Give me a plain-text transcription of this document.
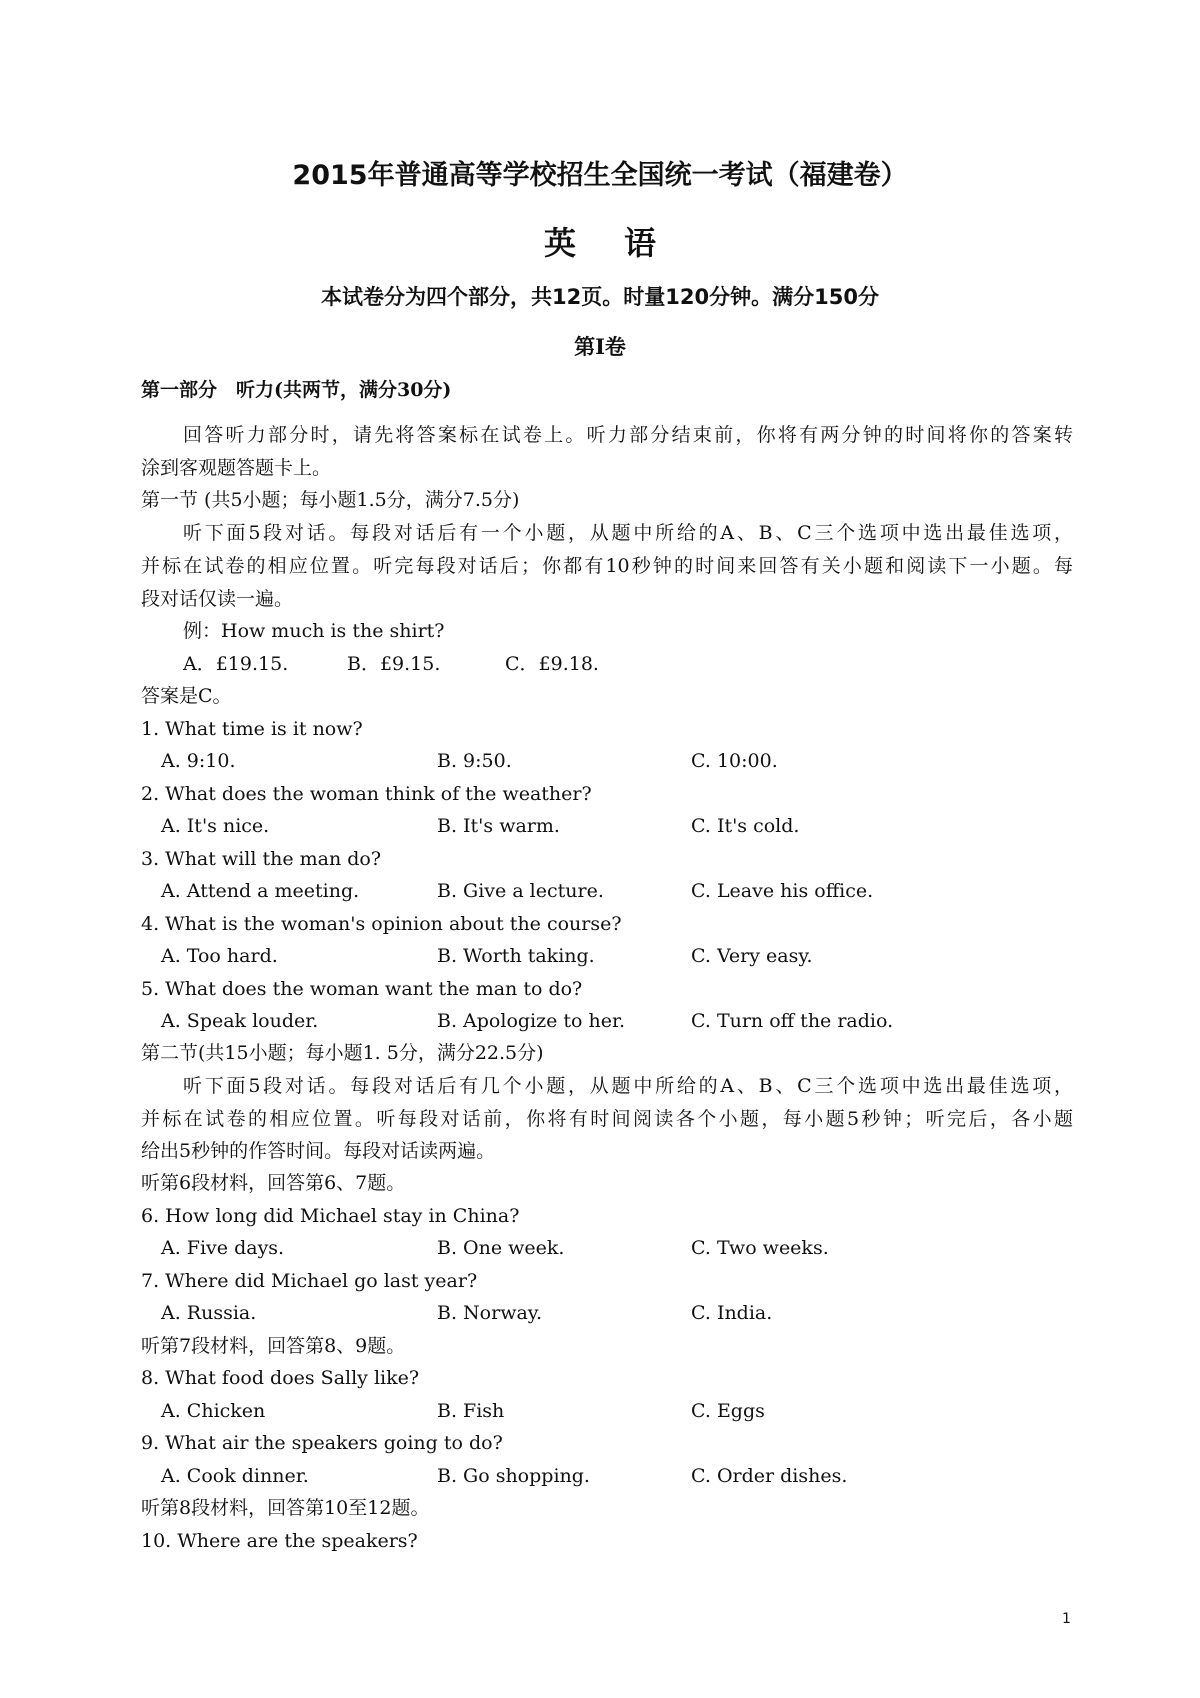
2015年普通高等学校招生全国统一考试（福建卷）
英语
本试卷分为四个部分，共12页。时量120分钟。满分150分
第Ⅰ卷
第一部分　听力(共两节，满分30分)
回答听力部分时，请先将答案标在试卷上。听力部分结束前，你将有两分钟的时间将你的答案转
涂到客观题答题卡上。
第一节 (共5小题；每小题1.5分，满分7.5分)
听下面5段对话。每段对话后有一个小题，从题中所给的A、B、C三个选项中选出最佳选项，
并标在试卷的相应位置。听完每段对话后；你都有10秒钟的时间来回答有关小题和阅读下一小题。每
段对话仅读一遍。
例：How much is the shirt?
A．£19.15.	B．£9.15.	C．£9.18.
答案是C。
1. What time is it now?
A. 9:10.	B. 9:50.	C. 10:00.
2. What does the woman think of the weather?
A. It's nice.	B. It's warm.	C. It's cold.
3. What will the man do?
A. Attend a meeting.	B. Give a lecture.	C. Leave his office.
4. What is the woman's opinion about the course?
A. Too hard.	B. Worth taking.	C. Very easy.
5. What does the woman want the man to do?
A. Speak louder.	B. Apologize to her.	C. Turn off the radio.
第二节(共15小题；每小题1. 5分，满分22.5分)
听下面5段对话。每段对话后有几个小题，从题中所给的A、B、C三个选项中选出最佳选项，
并标在试卷的相应位置。听每段对话前，你将有时间阅读各个小题，每小题5秒钟；听完后，各小题
给出5秒钟的作答时间。每段对话读两遍。
听第6段材料，回答第6、7题。
6. How long did Michael stay in China?
A. Five days.	B. One week.	C. Two weeks.
7. Where did Michael go last year?
A. Russia.	B. Norway.	C. India.
听第7段材料，回答第8、9题。
8. What food does Sally like?
A. Chicken	B. Fish	C. Eggs
9. What air the speakers going to do?
A. Cook dinner.	B. Go shopping.	C. Order dishes.
听第8段材料，回答第10至12题。
10. Where are the speakers?
1
